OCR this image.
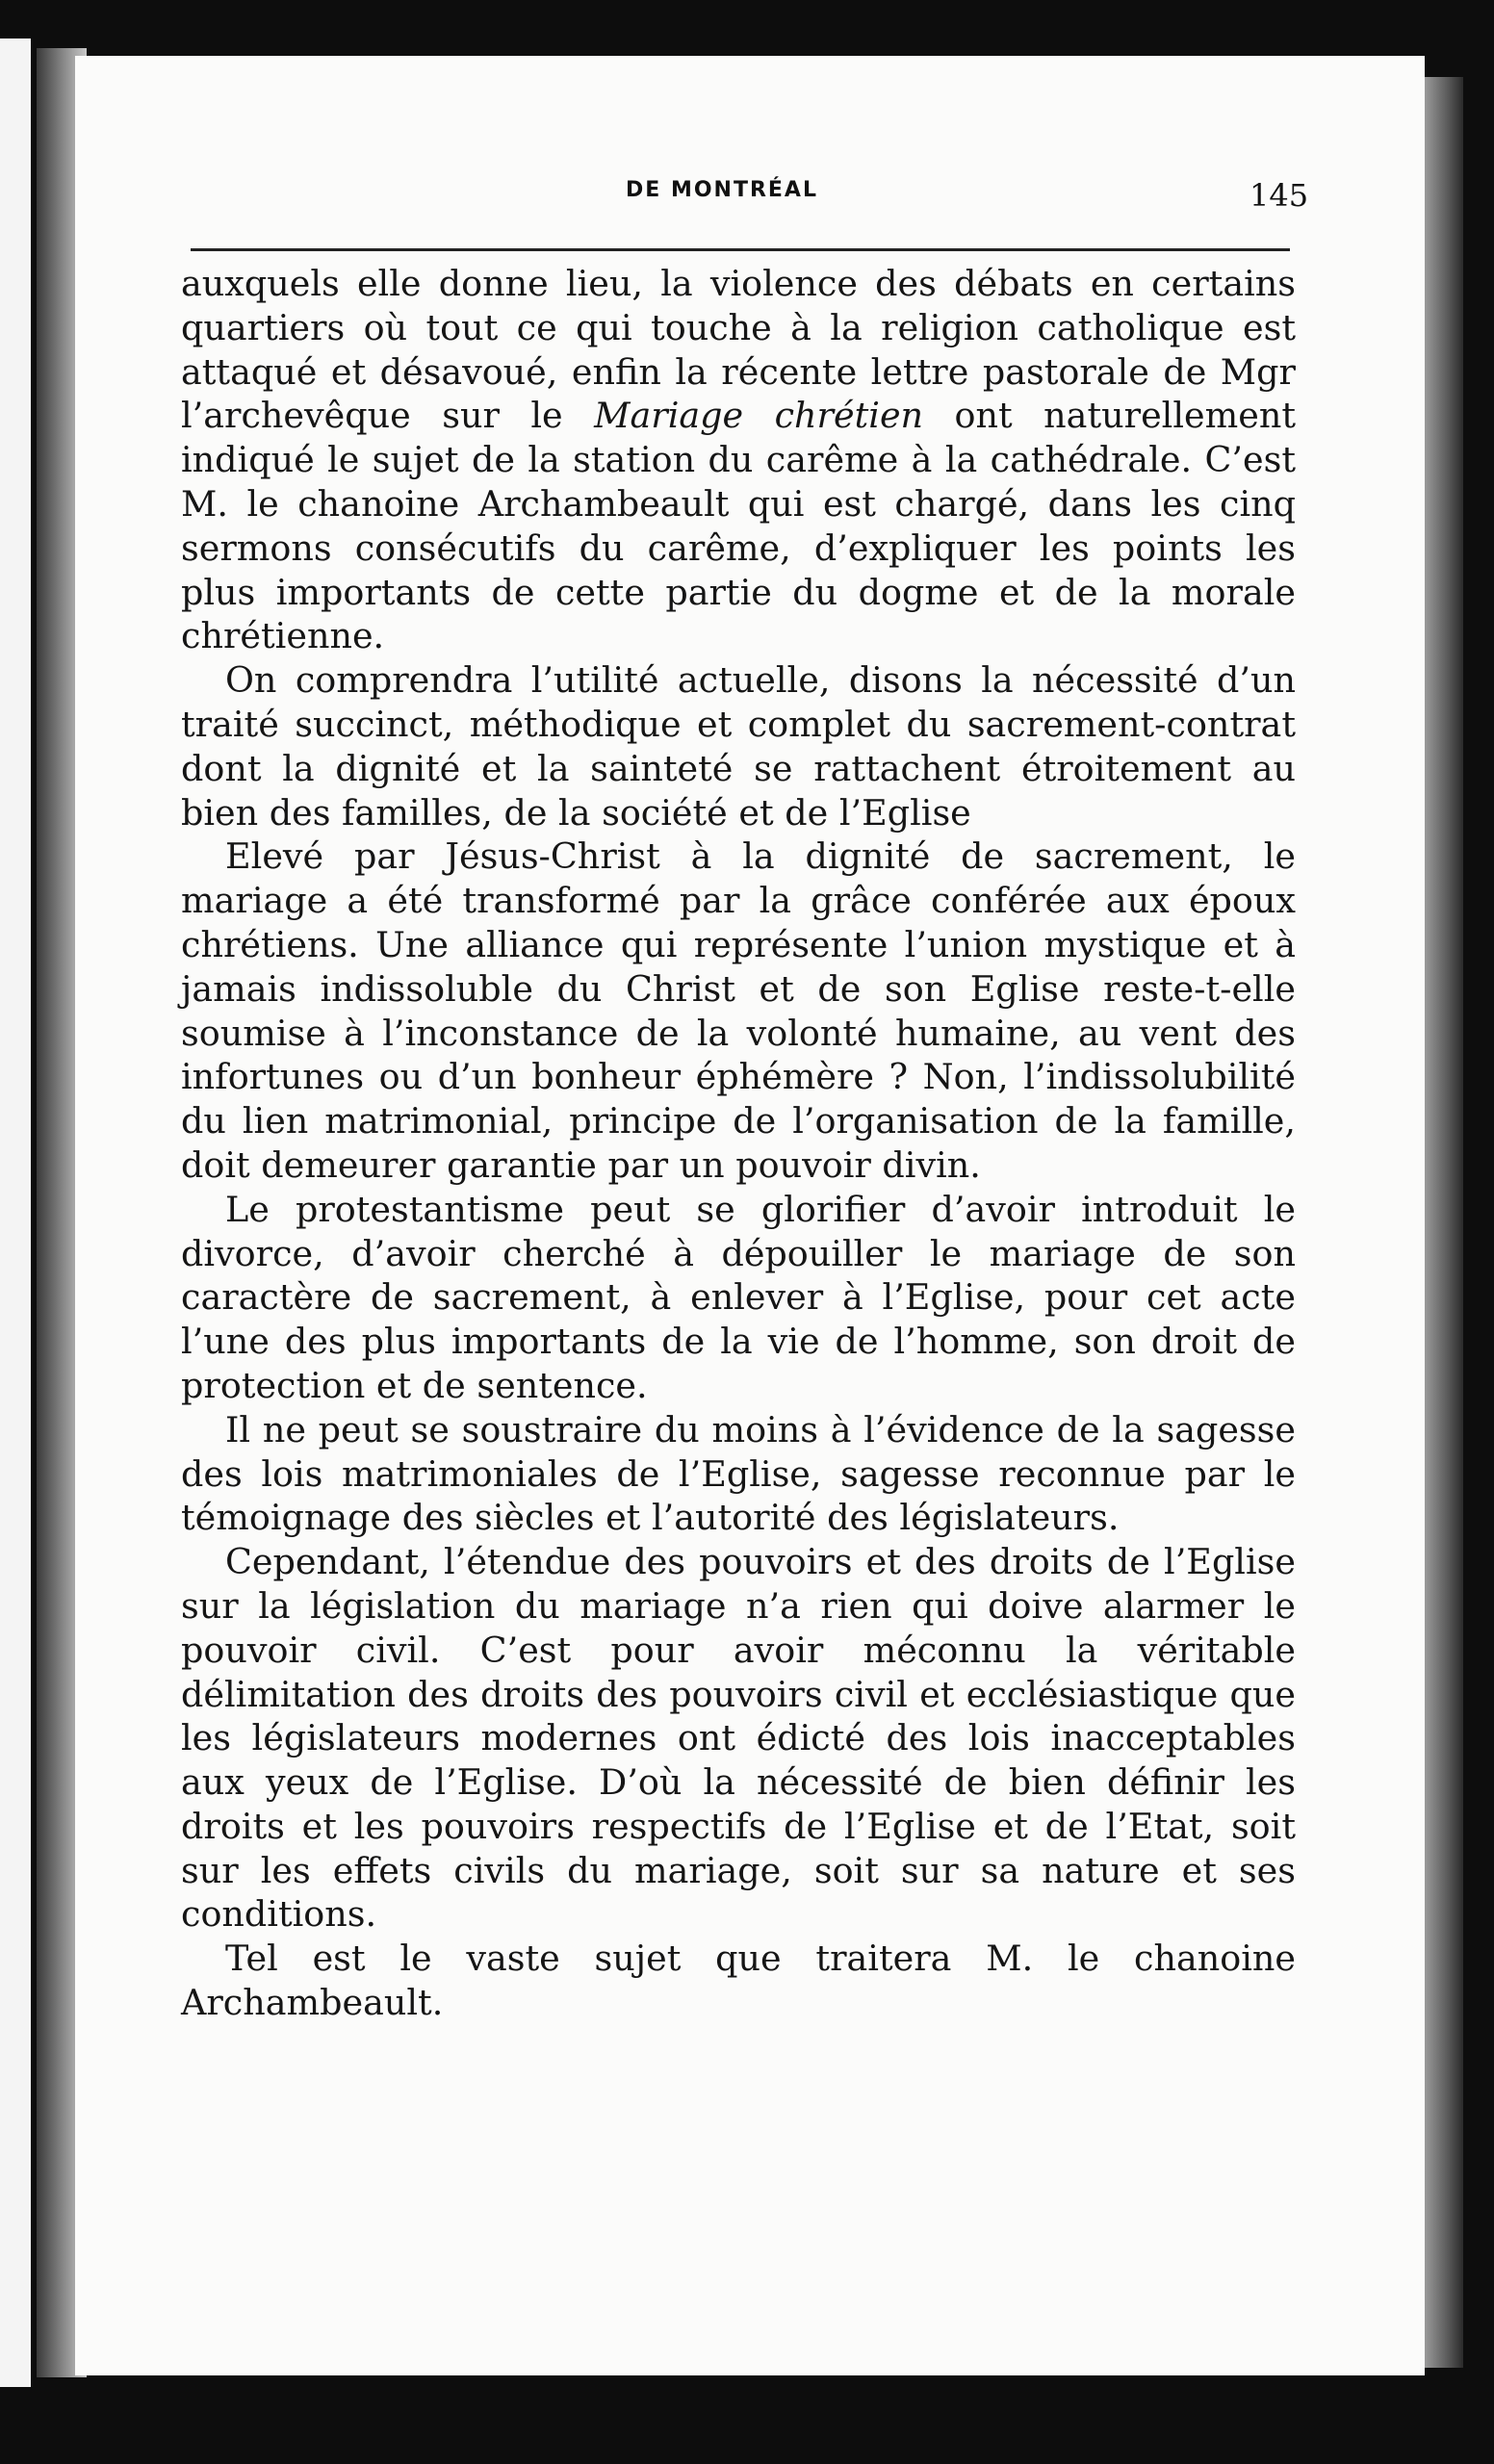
DE MONTRÉAL	145

auxquels elle donne lieu, la violence des débats en certains quartiers où tout ce qui touche à la religion catholique est attaqué et désavoué, enfin la récente lettre pastorale de Mgr l’archevêque sur le Mariage chrétien ont naturellement indiqué le sujet de la station du carême à la cathédrale. C’est M. le chanoine Archambeault qui est chargé, dans les cinq sermons consécutifs du carême, d’expliquer les points les plus importants de cette partie du dogme et de la morale chrétienne.

On comprendra l’utilité actuelle, disons la nécessité d’un traité succinct, méthodique et complet du sacrement-contrat dont la dignité et la sainteté se rattachent étroitement au bien des familles, de la société et de l’Eglise

Elevé par Jésus-Christ à la dignité de sacrement, le mariage a été transformé par la grâce conférée aux époux chrétiens. Une alliance qui représente l’union mystique et à jamais indissoluble du Christ et de son Eglise reste-t-elle soumise à l’inconstance de la volonté humaine, au vent des infortunes ou d’un bonheur éphémère ? Non, l’indissolubilité du lien matrimonial, principe de l’organisation de la famille, doit demeurer garantie par un pouvoir divin.

Le protestantisme peut se glorifier d’avoir introduit le divorce, d’avoir cherché à dépouiller le mariage de son caractère de sacrement, à enlever à l’Eglise, pour cet acte l’une des plus importants de la vie de l’homme, son droit de protection et de sentence.

Il ne peut se soustraire du moins à l’évidence de la sagesse des lois matrimoniales de l’Eglise, sagesse reconnue par le témoignage des siècles et l’autorité des législateurs.

Cependant, l’étendue des pouvoirs et des droits de l’Eglise sur la législation du mariage n’a rien qui doive alarmer le pouvoir civil. C’est pour avoir méconnu la véritable délimitation des droits des pouvoirs civil et ecclésiastique que les législateurs modernes ont édicté des lois inacceptables aux yeux de l’Eglise. D’où la nécessité de bien définir les droits et les pouvoirs respectifs de l’Eglise et de l’Etat, soit sur les effets civils du mariage, soit sur sa nature et ses conditions.

Tel est le vaste sujet que traitera M. le chanoine Archambeault.
